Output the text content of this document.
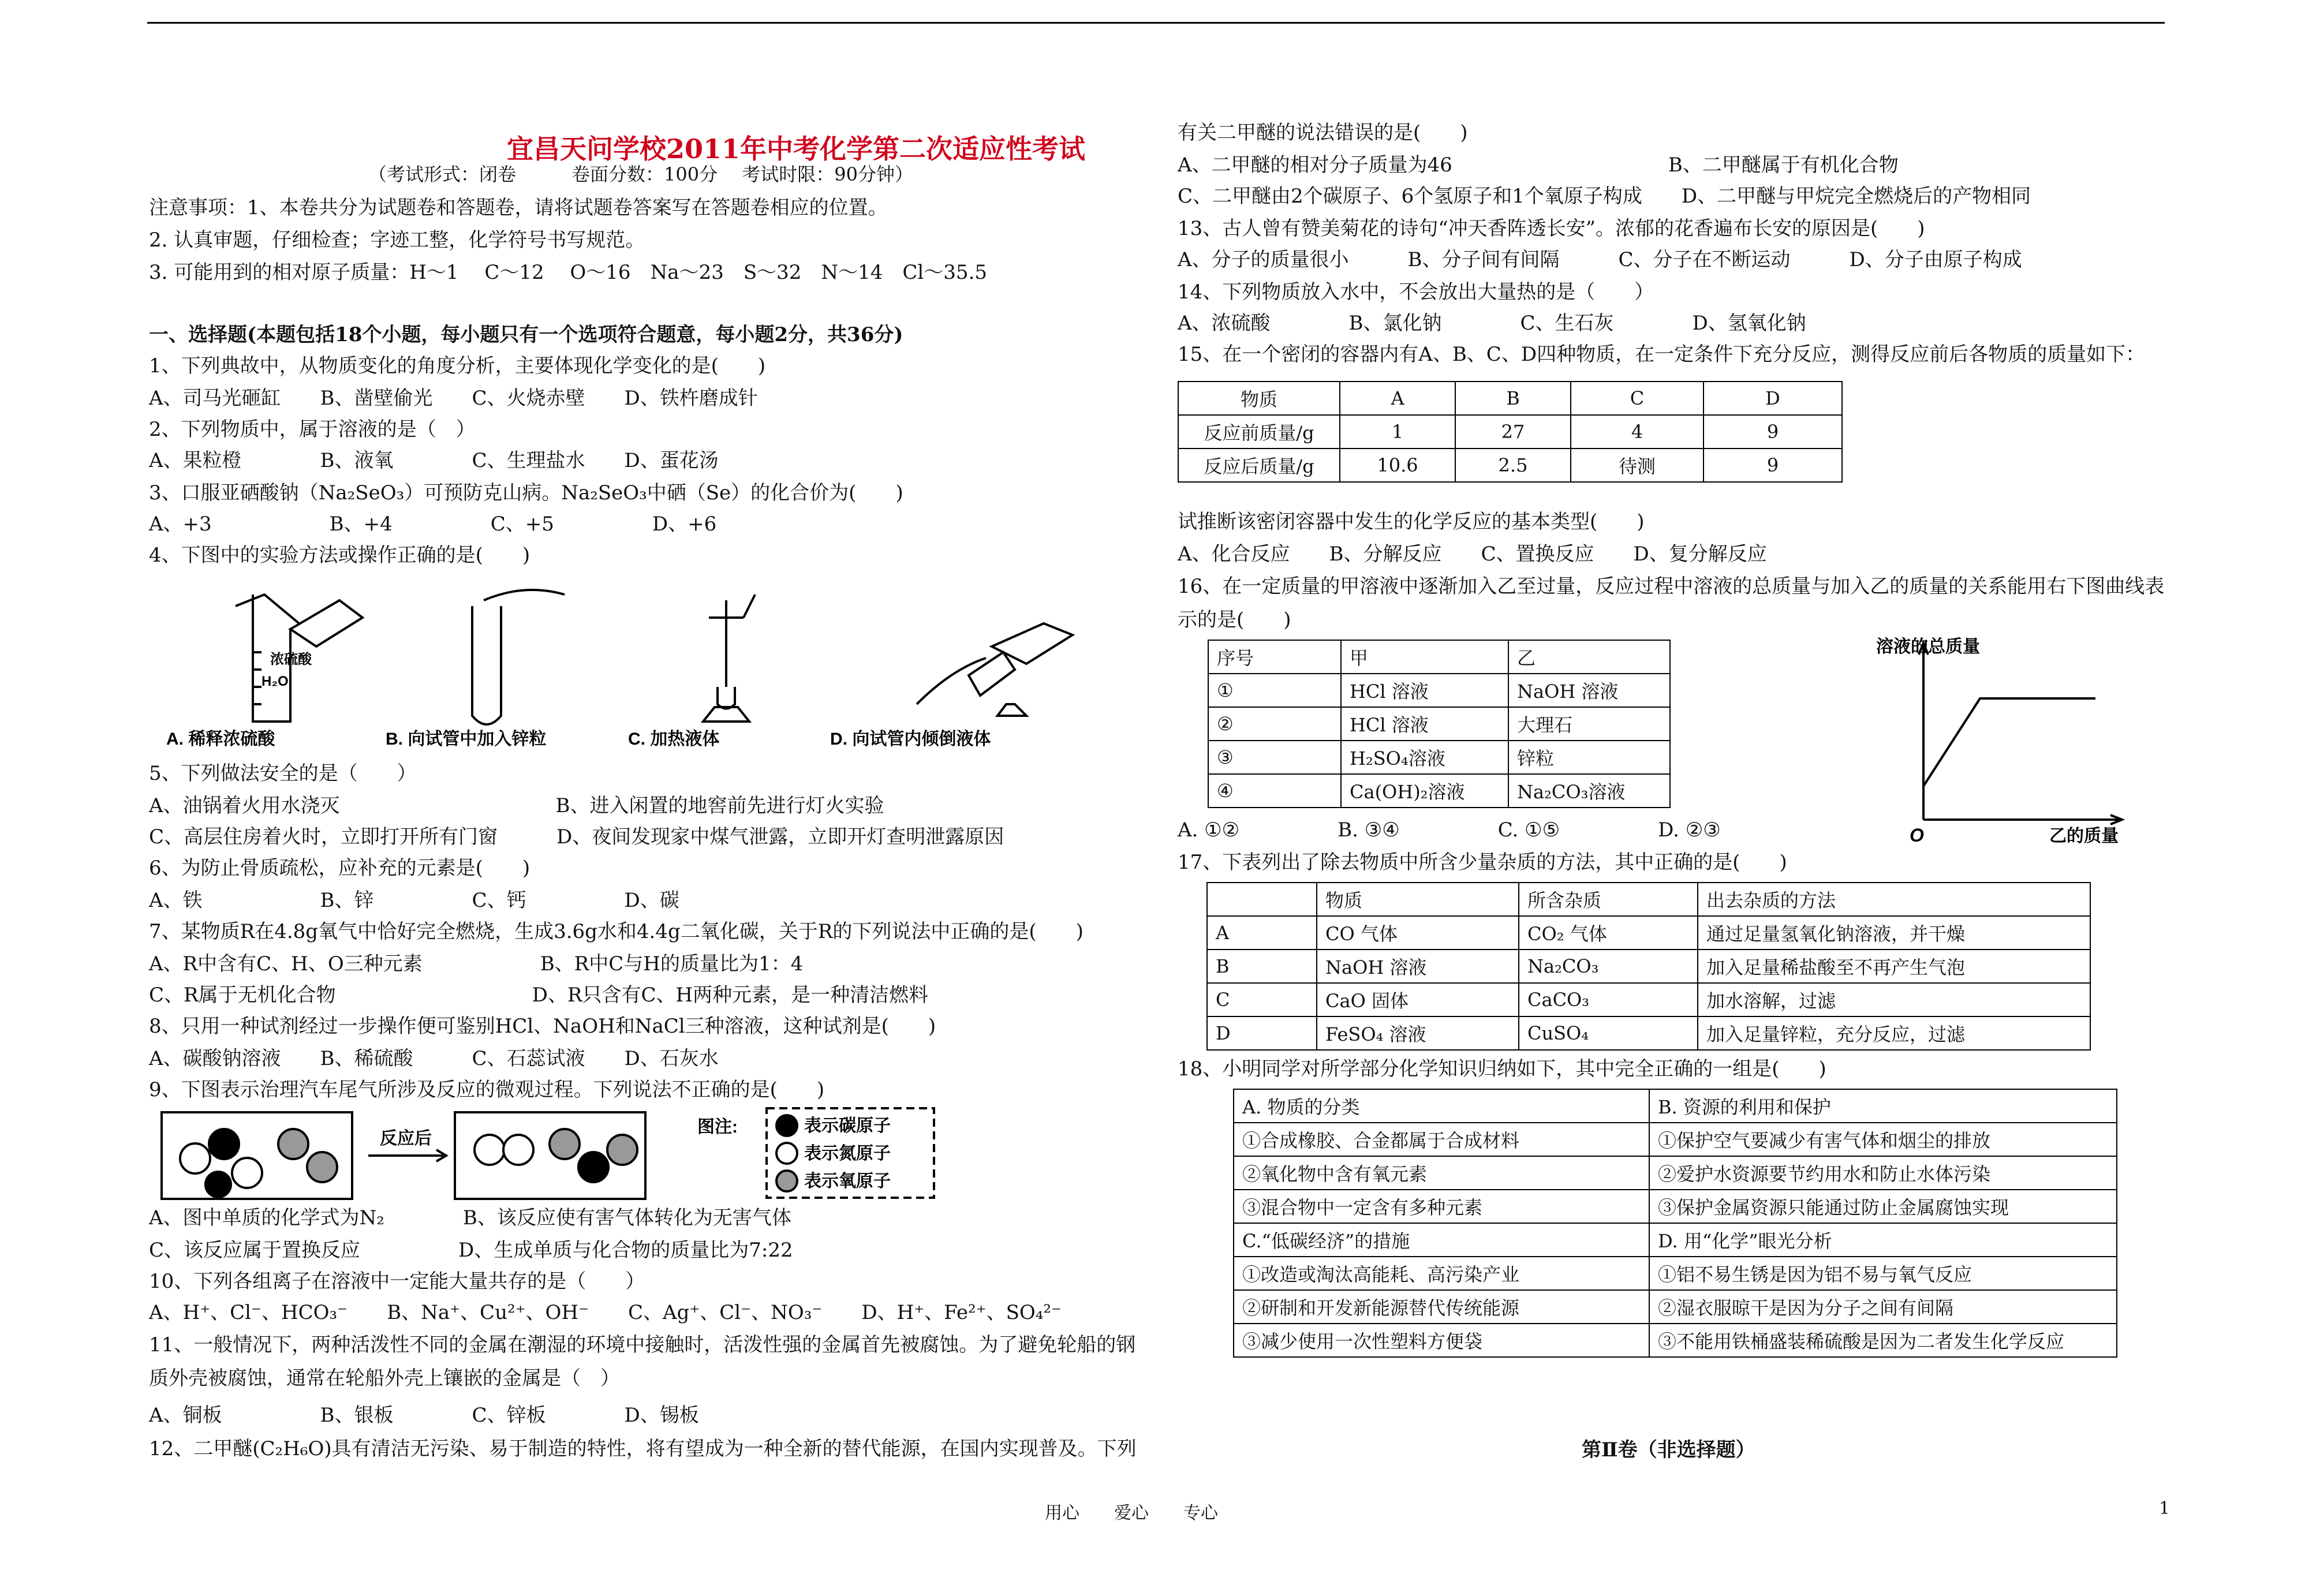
宜昌天问学校2011年中考化学第二次适应性考试
（考试形式：闭卷　　　卷面分数：100分　 考试时限：90分钟）
注意事项：1、本卷共分为试题卷和答题卷，请将试题卷答案写在答题卷相应的位置。
2. 认真审题，仔细检查；字迹工整，化学符号书写规范。
3. 可能用到的相对原子质量：H～1　 C～12　 O～16　Na～23　S～32　N～14　Cl～35.5
一、选择题(本题包括18个小题，每小题只有一个选项符合题意，每小题2分，共36分)
1、下列典故中，从物质变化的角度分析，主要体现化学变化的是(　　)
A、司马光砸缸　　B、凿壁偷光　　C、火烧赤壁　　D、铁杵磨成针
2、下列物质中，属于溶液的是（　）
A、果粒橙　　　　B、液氧　　　　C、生理盐水　　D、蛋花汤
3、口服亚硒酸钠（Na₂SeO₃）可预防克山病。Na₂SeO₃中硒（Se）的化合价为(　　)
A、+3　　　　　　B、+4　　　　　C、+5　　　　　D、+6
4、下图中的实验方法或操作正确的是(　　)
浓硫酸
H₂O
A. 稀释浓硫酸	B. 向试管中加入锌粒	C. 加热液体	D. 向试管内倾倒液体
5、下列做法安全的是（　　）
A、油锅着火用水浇灭　　　　　　　　　　　B、进入闲置的地窖前先进行灯火实验
C、高层住房着火时，立即打开所有门窗　　　D、夜间发现家中煤气泄露，立即开灯查明泄露原因
6、为防止骨质疏松，应补充的元素是(　　)
A、铁　　　　　　B、锌　　　　　C、钙　　　　　D、碳
7、某物质R在4.8g氧气中恰好完全燃烧，生成3.6g水和4.4g二氧化碳，关于R的下列说法中正确的是(　　)
A、R中含有C、H、O三种元素　　　　　　B、R中C与H的质量比为1：4
C、R属于无机化合物　　　　　　　　　　D、R只含有C、H两种元素，是一种清洁燃料
8、只用一种试剂经过一步操作便可鉴别HCl、NaOH和NaCl三种溶液，这种试剂是(　　)
A、碳酸钠溶液　　B、稀硫酸　　　C、石蕊试液　　D、石灰水
9、下图表示治理汽车尾气所涉及反应的微观过程。下列说法不正确的是(　　)
反应后
图注:	表示碳原子
表示氮原子
表示氧原子
A、图中单质的化学式为N₂　　　　B、该反应使有害气体转化为无害气体
C、该反应属于置换反应　　　　　D、生成单质与化合物的质量比为7:22
10、下列各组离子在溶液中一定能大量共存的是（　　）
A、H⁺、Cl⁻、HCO₃⁻　　B、Na⁺、Cu²⁺、OH⁻　　C、Ag⁺、Cl⁻、NO₃⁻　　D、H⁺、Fe²⁺、SO₄²⁻
11、一般情况下，两种活泼性不同的金属在潮湿的环境中接触时，活泼性强的金属首先被腐蚀。为了避免轮船的钢
质外壳被腐蚀，通常在轮船外壳上镶嵌的金属是（　）
A、铜板　　　　　B、银板　　　　C、锌板　　　　D、锡板
12、二甲醚(C₂H₆O)具有清洁无污染、易于制造的特性，将有望成为一种全新的替代能源，在国内实现普及。下列
有关二甲醚的说法错误的是(　　)
A、二甲醚的相对分子质量为46　　　　　　　　　　　B、二甲醚属于有机化合物
C、二甲醚由2个碳原子、6个氢原子和1个氧原子构成　　D、二甲醚与甲烷完全燃烧后的产物相同
13、古人曾有赞美菊花的诗句“冲天香阵透长安”。浓郁的花香遍布长安的原因是(　　)
A、分子的质量很小　　　B、分子间有间隔　　　C、分子在不断运动　　　D、分子由原子构成
14、下列物质放入水中，不会放出大量热的是（　　）
A、浓硫酸　　　　B、氯化钠　　　　C、生石灰　　　　D、氢氧化钠
15、在一个密闭的容器内有A、B、C、D四种物质，在一定条件下充分反应，测得反应前后各物质的质量如下：
物质	A	B	C	D
反应前质量/g	1	27	4	9
反应后质量/g	10.6	2.5	待测	9
试推断该密闭容器中发生的化学反应的基本类型(　　)
A、化合反应　　B、分解反应　　C、置换反应　　D、复分解反应
16、在一定质量的甲溶液中逐渐加入乙至过量，反应过程中溶液的总质量与加入乙的质量的关系能用右下图曲线表
示的是(　　)
序号	甲	乙
①	HCl 溶液	NaOH 溶液
②	HCl 溶液	大理石
③	H₂SO₄溶液	锌粒
④	Ca(OH)₂溶液	Na₂CO₃溶液
A. ①②　　　　　B. ③④　　　　　C. ①⑤　　　　　D. ②③
溶液的总质量
O	乙的质量
17、下表列出了除去物质中所含少量杂质的方法，其中正确的是(　　)
	物质	所含杂质	出去杂质的方法
A	CO 气体	CO₂ 气体	通过足量氢氧化钠溶液，并干燥
B	NaOH 溶液	Na₂CO₃	加入足量稀盐酸至不再产生气泡
C	CaO 固体	CaCO₃	加水溶解，过滤
D	FeSO₄ 溶液	CuSO₄	加入足量锌粒，充分反应，过滤
18、小明同学对所学部分化学知识归纳如下，其中完全正确的一组是(　　)
A. 物质的分类	B. 资源的利用和保护
①合成橡胶、合金都属于合成材料	①保护空气要减少有害气体和烟尘的排放
②氧化物中含有氧元素	②爱护水资源要节约用水和防止水体污染
③混合物中一定含有多种元素	③保护金属资源只能通过防止金属腐蚀实现
C.“低碳经济”的措施	D. 用“化学”眼光分析
①改造或淘汰高能耗、高污染产业	①铝不易生锈是因为铝不易与氧气反应
②研制和开发新能源替代传统能源	②湿衣服晾干是因为分子之间有间隔
③减少使用一次性塑料方便袋	③不能用铁桶盛装稀硫酸是因为二者发生化学反应
第Ⅱ卷（非选择题）
用心　　爱心　　专心	1
